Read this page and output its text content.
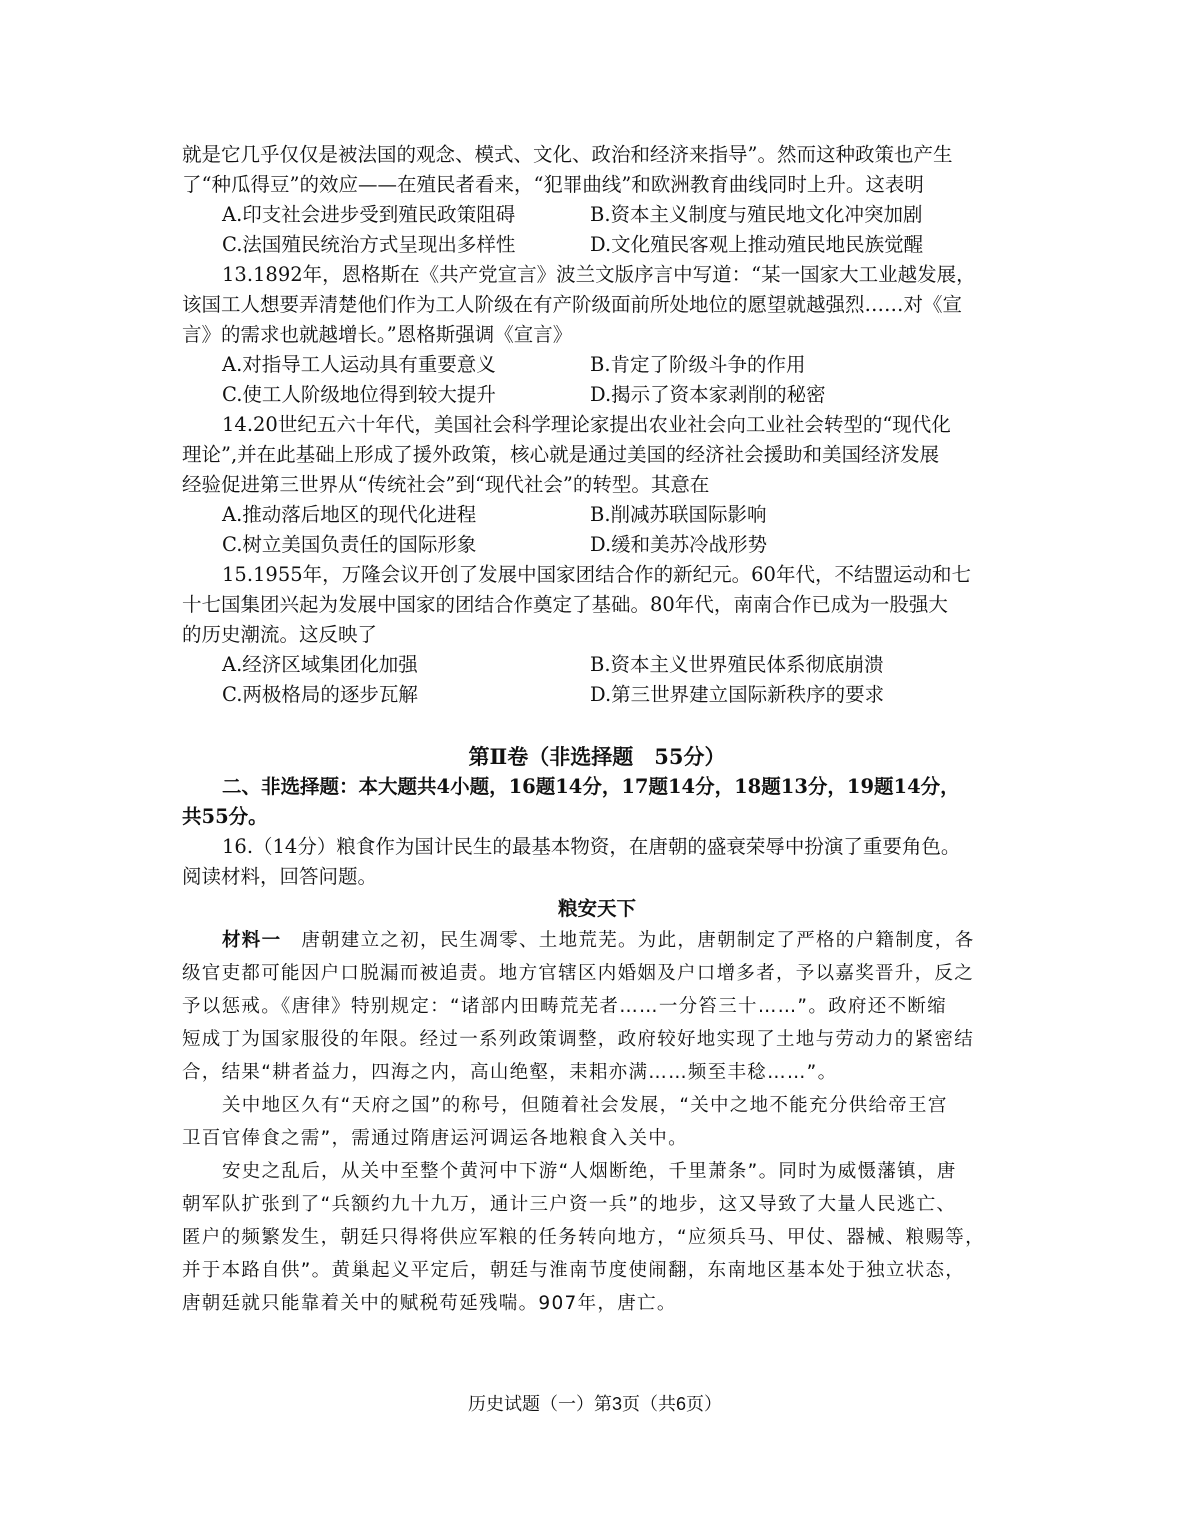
就是它几乎仅仅是被法国的观念、模式、文化、政治和经济来指导”。然而这种政策也产生
了“种瓜得豆”的效应——在殖民者看来，“犯罪曲线”和欧洲教育曲线同时上升。这表明
A.印支社会进步受到殖民政策阻碍	B.资本主义制度与殖民地文化冲突加剧
C.法国殖民统治方式呈现出多样性	D.文化殖民客观上推动殖民地民族觉醒
13.1892年，恩格斯在《共产党宣言》波兰文版序言中写道：“某一国家大工业越发展，
该国工人想要弄清楚他们作为工人阶级在有产阶级面前所处地位的愿望就越强烈……对《宣
言》的需求也就越增长。”恩格斯强调《宣言》
A.对指导工人运动具有重要意义	B.肯定了阶级斗争的作用
C.使工人阶级地位得到较大提升	D.揭示了资本家剥削的秘密
14.20世纪五六十年代，美国社会科学理论家提出农业社会向工业社会转型的“现代化
理论”,并在此基础上形成了援外政策，核心就是通过美国的经济社会援助和美国经济发展
经验促进第三世界从“传统社会”到“现代社会”的转型。其意在
A.推动落后地区的现代化进程	B.削减苏联国际影响
C.树立美国负责任的国际形象	D.缓和美苏冷战形势
15.1955年，万隆会议开创了发展中国家团结合作的新纪元。60年代，不结盟运动和七
十七国集团兴起为发展中国家的团结合作奠定了基础。80年代，南南合作已成为一股强大
的历史潮流。这反映了
A.经济区域集团化加强	B.资本主义世界殖民体系彻底崩溃
C.两极格局的逐步瓦解	D.第三世界建立国际新秩序的要求
第Ⅱ卷（非选择题　55分）
二、非选择题：本大题共4小题，16题14分，17题14分，18题13分，19题14分，
共55分。
16.（14分）粮食作为国计民生的最基本物资，在唐朝的盛衰荣辱中扮演了重要角色。
阅读材料，回答问题。
粮安天下
材料一　唐朝建立之初，民生凋零、土地荒芜。为此，唐朝制定了严格的户籍制度，各
级官吏都可能因户口脱漏而被追责。地方官辖区内婚姻及户口增多者，予以嘉奖晋升，反之
予以惩戒。《唐律》特别规定：“诸部内田畴荒芜者……一分笞三十……”。政府还不断缩
短成丁为国家服役的年限。经过一系列政策调整，政府较好地实现了土地与劳动力的紧密结
合，结果“耕者益力，四海之内，高山绝壑，耒耜亦满……频至丰稔……”。
关中地区久有“天府之国”的称号，但随着社会发展，“关中之地不能充分供给帝王宫
卫百官俸食之需”，需通过隋唐运河调运各地粮食入关中。
安史之乱后，从关中至整个黄河中下游“人烟断绝，千里萧条”。同时为威慑藩镇，唐
朝军队扩张到了“兵额约九十九万，通计三户资一兵”的地步，这又导致了大量人民逃亡、
匿户的频繁发生，朝廷只得将供应军粮的任务转向地方，“应须兵马、甲仗、器械、粮赐等，
并于本路自供”。黄巢起义平定后，朝廷与淮南节度使闹翻，东南地区基本处于独立状态，
唐朝廷就只能靠着关中的赋税苟延残喘。907年，唐亡。
历史试题（一）第3页（共6页）
